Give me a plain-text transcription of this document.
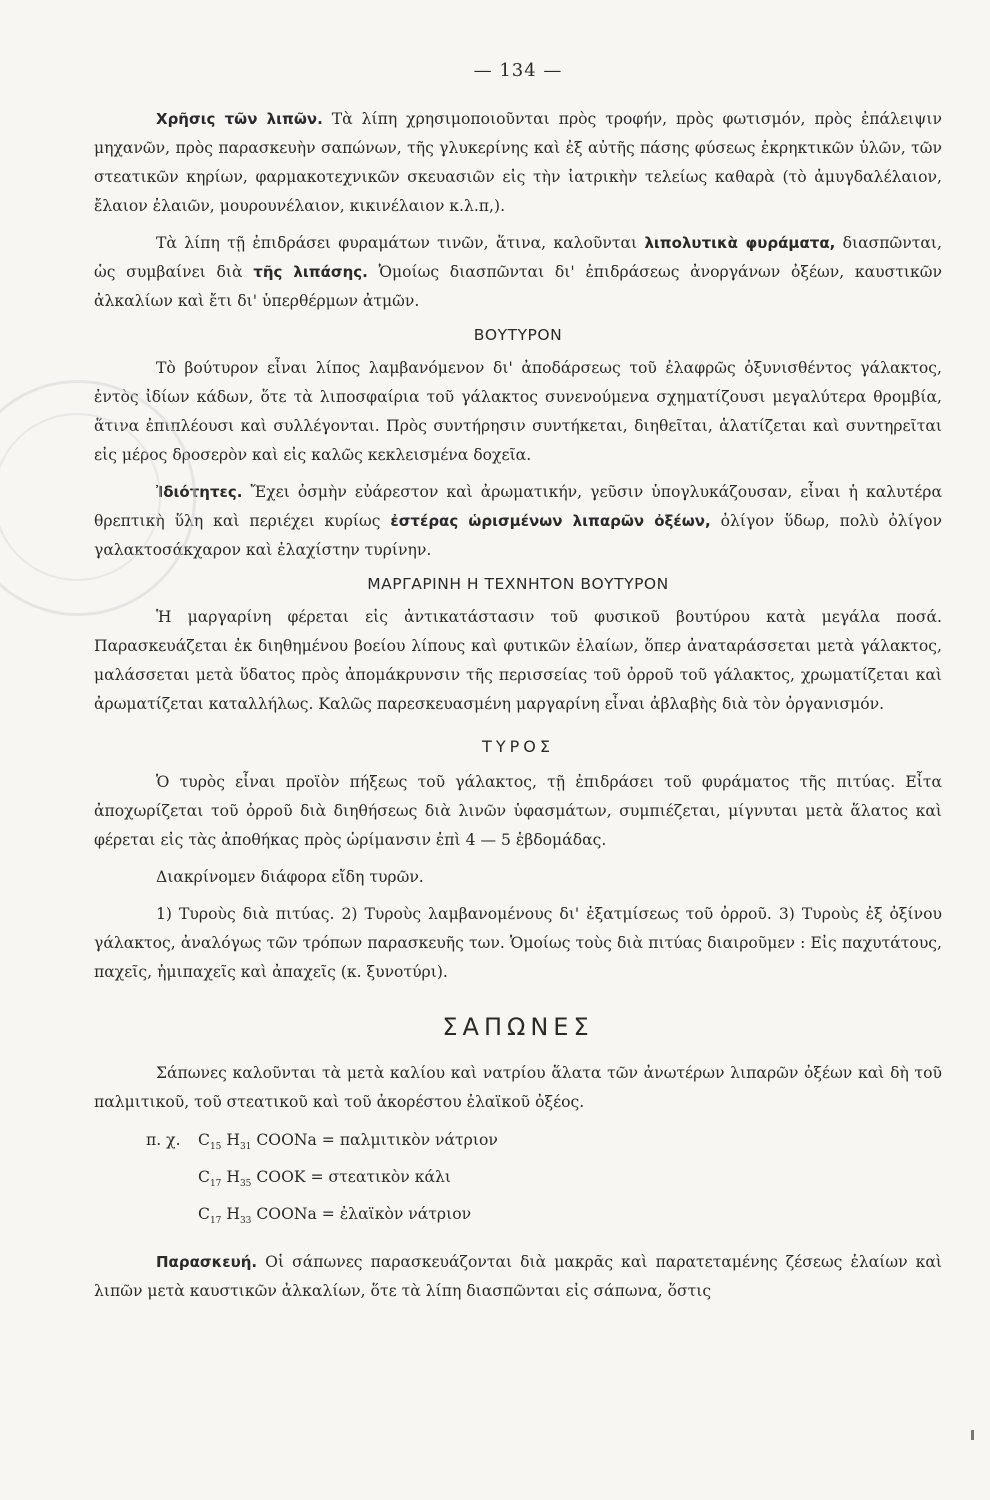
— 134 —

Χρῆσις τῶν λιπῶν. Τὰ λίπη χρησιμοποιοῦνται πρὸς τροφήν, πρὸς φωτισμόν, πρὸς ἐπάλειψιν μηχανῶν, πρὸς παρασκευὴν σαπώνων, τῆς γλυκερίνης καὶ ἐξ αὐτῆς πάσης φύσεως ἐκρηκτικῶν ὑλῶν, τῶν στεατικῶν κηρίων, φαρμακοτεχνικῶν σκευασιῶν εἰς τὴν ἰατρικὴν τελείως καθαρὰ (τὸ ἀμυγδαλέλαιον, ἔλαιον ἐλαιῶν, μουρουνέλαιον, κικινέλαιον κ.λ.π,).

Τὰ λίπη τῇ ἐπιδράσει φυραμάτων τινῶν, ἅτινα, καλοῦνται λιπολυτικὰ φυράματα, διασπῶνται, ὡς συμβαίνει διὰ τῆς λιπάσης. Ὁμοίως διασπῶνται δι' ἐπιδράσεως ἀνοργάνων ὀξέων, καυστικῶν ἀλκαλίων καὶ ἔτι δι' ὑπερθέρμων ἀτμῶν.

ΒΟΥΤΥΡΟΝ

Τὸ βούτυρον εἶναι λίπος λαμβανόμενον δι' ἀποδάρσεως τοῦ ἐλαφρῶς ὀξυνισθέντος γάλακτος, ἐντὸς ἰδίων κάδων, ὅτε τὰ λιποσφαίρια τοῦ γάλακτος συνενούμενα σχηματίζουσι μεγαλύτερα θρομβία, ἅτινα ἐπιπλέουσι καὶ συλλέγονται. Πρὸς συντήρησιν συντήκεται, διηθεῖται, ἁλατίζεται καὶ συντηρεῖται εἰς μέρος δροσερὸν καὶ εἰς καλῶς κεκλεισμένα δοχεῖα.

Ἰδιότητες. Ἔχει ὀσμὴν εὐάρεστον καὶ ἀρωματικήν, γεῦσιν ὑπογλυκάζουσαν, εἶναι ἡ καλυτέρα θρεπτικὴ ὕλη καὶ περιέχει κυρίως ἐστέρας ὡρισμένων λιπαρῶν ὀξέων, ὀλίγον ὕδωρ, πολὺ ὀλίγον γαλακτοσάκχαρον καὶ ἐλαχίστην τυρίνην.

ΜΑΡΓΑΡΙΝΗ Η ΤΕΧΝΗΤΟΝ ΒΟΥΤΥΡΟΝ

Ἡ μαργαρίνη φέρεται εἰς ἀντικατάστασιν τοῦ φυσικοῦ βουτύρου κατὰ μεγάλα ποσά. Παρασκευάζεται ἐκ διηθημένου βοείου λίπους καὶ φυτικῶν ἐλαίων, ὅπερ ἀναταράσσεται μετὰ γάλακτος, μαλάσσεται μετὰ ὕδατος πρὸς ἀπομάκρυνσιν τῆς περισσείας τοῦ ὀρροῦ τοῦ γάλακτος, χρωματίζεται καὶ ἀρωματίζεται καταλλήλως. Καλῶς παρεσκευασμένη μαργαρίνη εἶναι ἀβλαβὴς διὰ τὸν ὀργανισμόν.

ΤΥΡΟΣ

Ὁ τυρὸς εἶναι προϊὸν πήξεως τοῦ γάλακτος, τῇ ἐπιδράσει τοῦ φυράματος τῆς πιτύας. Εἶτα ἀποχωρίζεται τοῦ ὀρροῦ διὰ διηθήσεως διὰ λινῶν ὑφασμάτων, συμπιέζεται, μίγνυται μετὰ ἅλατος καὶ φέρεται εἰς τὰς ἀποθήκας πρὸς ὡρίμανσιν ἐπὶ 4 — 5 ἑβδομάδας.

Διακρίνομεν διάφορα εἴδη τυρῶν.

1) Τυροὺς διὰ πιτύας. 2) Τυροὺς λαμβανομένους δι' ἐξατμίσεως τοῦ ὀρροῦ. 3) Τυροὺς ἐξ ὀξίνου γάλακτος, ἀναλόγως τῶν τρόπων παρασκευῆς των. Ὁμοίως τοὺς διὰ πιτύας διαιροῦμεν : Εἰς παχυτάτους, παχεῖς, ἡμιπαχεῖς καὶ ἀπαχεῖς (κ. ξυνοτύρι).

ΣΑΠΩΝΕΣ

Σάπωνες καλοῦνται τὰ μετὰ καλίου καὶ νατρίου ἅλατα τῶν ἀνωτέρων λιπαρῶν ὀξέων καὶ δὴ τοῦ παλμιτικοῦ, τοῦ στεατικοῦ καὶ τοῦ ἀκορέστου ἐλαϊκοῦ ὀξέος.

π. χ.	$C_{15}$ $H_{31}$ COONa = παλμιτικὸν νάτριον
$C_{17}$ $H_{35}$ COOK = στεατικὸν κάλι
$C_{17}$ $H_{33}$ COONa = ἐλαϊκὸν νάτριον

Παρασκευή. Οἱ σάπωνες παρασκευάζονται διὰ μακρᾶς καὶ παρατεταμένης ζέσεως ἐλαίων καὶ λιπῶν μετὰ καυστικῶν ἀλκαλίων, ὅτε τὰ λίπη διασπῶνται εἰς σάπωνα, ὅστις
